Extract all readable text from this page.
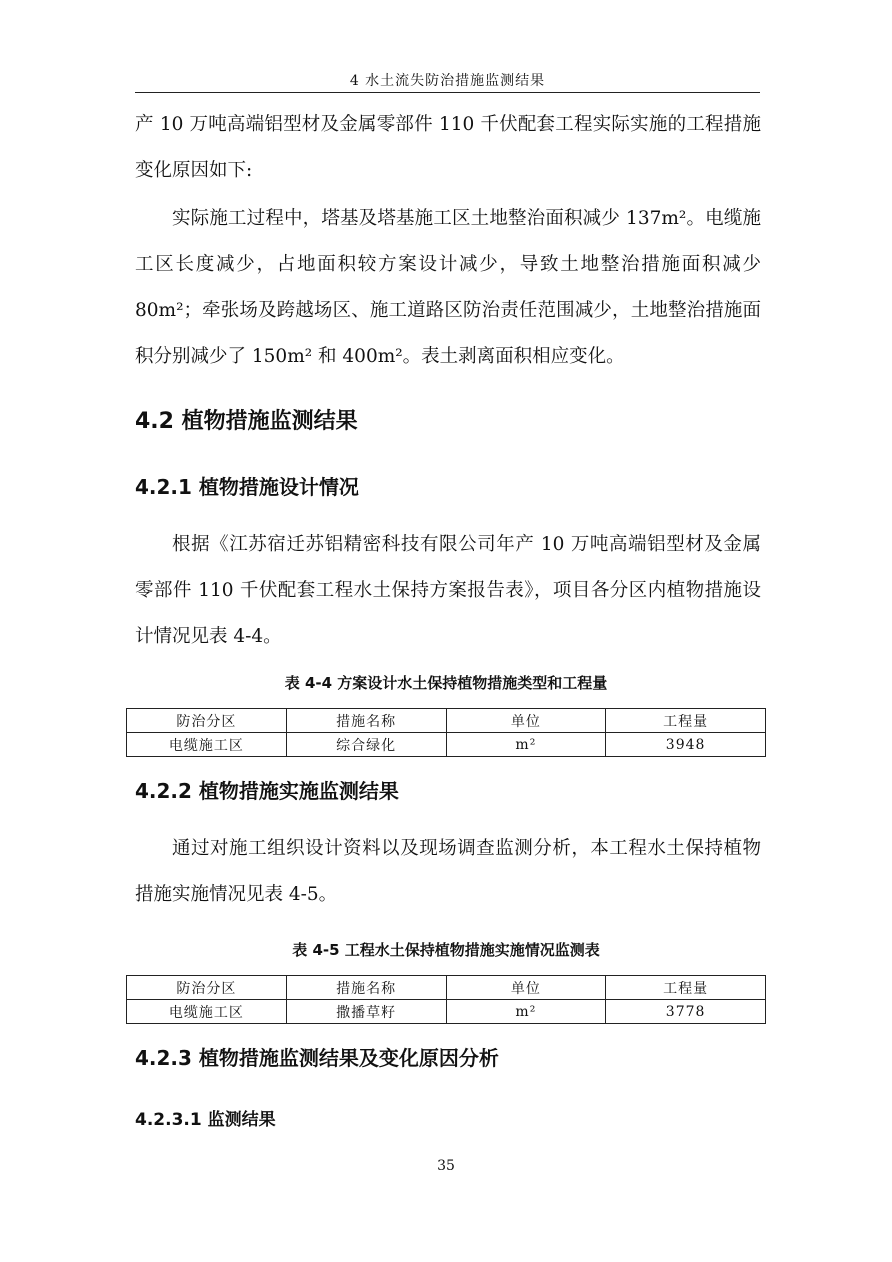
4 水土流失防治措施监测结果

产 10 万吨高端铝型材及金属零部件 110 千伏配套工程实际实施的工程措施变化原因如下:

实际施工过程中，塔基及塔基施工区土地整治面积减少 137m²。电缆施工区长度减少，占地面积较方案设计减少，导致土地整治措施面积减少 80m²；牵张场及跨越场区、施工道路区防治责任范围减少，土地整治措施面积分别减少了 150m² 和 400m²。表土剥离面积相应变化。

4.2 植物措施监测结果
4.2.1 植物措施设计情况

根据《江苏宿迁苏铝精密科技有限公司年产 10 万吨高端铝型材及金属零部件 110 千伏配套工程水土保持方案报告表》，项目各分区内植物措施设计情况见表 4-4。

表 4-4 方案设计水土保持植物措施类型和工程量
防治分区	措施名称	单位	工程量
电缆施工区	综合绿化	m²	3948
4.2.2 植物措施实施监测结果

通过对施工组织设计资料以及现场调查监测分析，本工程水土保持植物措施实施情况见表 4-5。

表 4-5 工程水土保持植物措施实施情况监测表
防治分区	措施名称	单位	工程量
电缆施工区	撒播草籽	m²	3778
4.2.3 植物措施监测结果及变化原因分析
4.2.3.1 监测结果
35
